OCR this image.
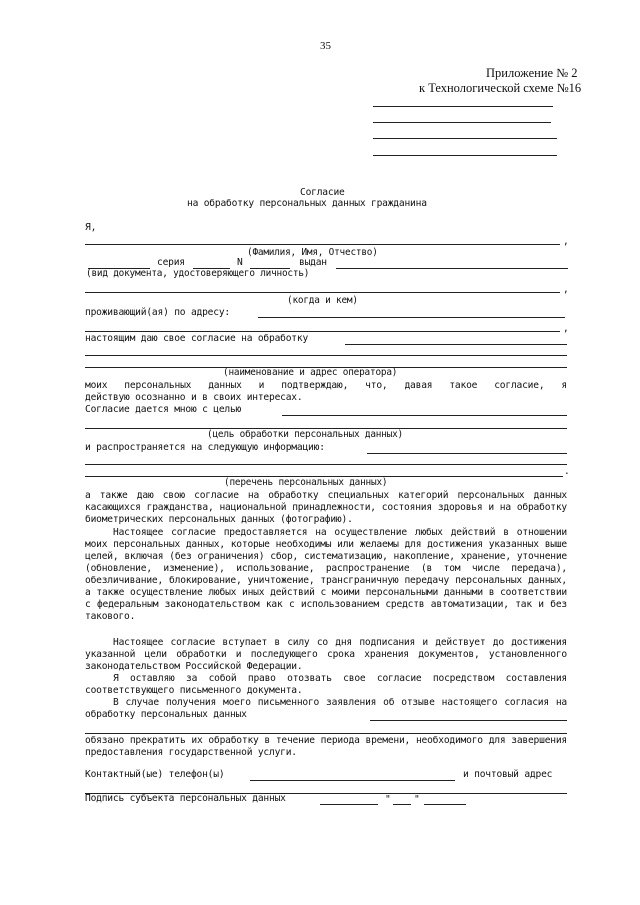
35
Приложение № 2
к Технологической схеме №16
Согласие
на обработку персональных данных гражданина
Я,
,
(Фамилия, Имя, Отчество)
серия	N	выдан
(вид документа, удостоверяющего личность)
,
(когда и кем)
проживающий(ая) по адресу:
,
настоящим даю свое согласие на обработку
(наименование и адрес оператора)
моих персональных данных и подтверждаю, что, давая такое согласие, я
действую осознанно и в своих интересах.
Согласие дается мною с целью
(цель обработки персональных данных)
и распространяется на следующую информацию:
.
(перечень персональных данных)
а также даю свою согласие на обработку специальных категорий персональных данных касающихся гражданства, национальной принадлежности, состояния здоровья и на обработку биометрических персональных данных (фотографию).
Настоящее согласие предоставляется на осуществление любых действий в отношении моих персональных данных, которые необходимы или желаемы для достижения указанных выше целей, включая (без ограничения) сбор, систематизацию, накопление, хранение, уточнение (обновление, изменение), использование, распространение (в том числе передача), обезличивание, блокирование, уничтожение, трансграничную передачу персональных данных, а также осуществление любых иных действий с моими персональными данными в соответствии с федеральным законодательством как с использованием средств автоматизации, так и без такового.
Настоящее согласие вступает в силу со дня подписания и действует до достижения указанной цели обработки и последующего срока хранения документов, установленного законодательством Российской Федерации.
Я оставляю за собой право отозвать свое согласие посредством составления соответствующего письменного документа.
В случае получения моего письменного заявления об отзыве настоящего согласия на обработку персональных данных
обязано прекратить их обработку в течение периода времени, необходимого для завершения предоставления государственной услуги.
Контактный(ые) телефон(ы)	и почтовый адрес
Подпись субъекта персональных данных	" "
